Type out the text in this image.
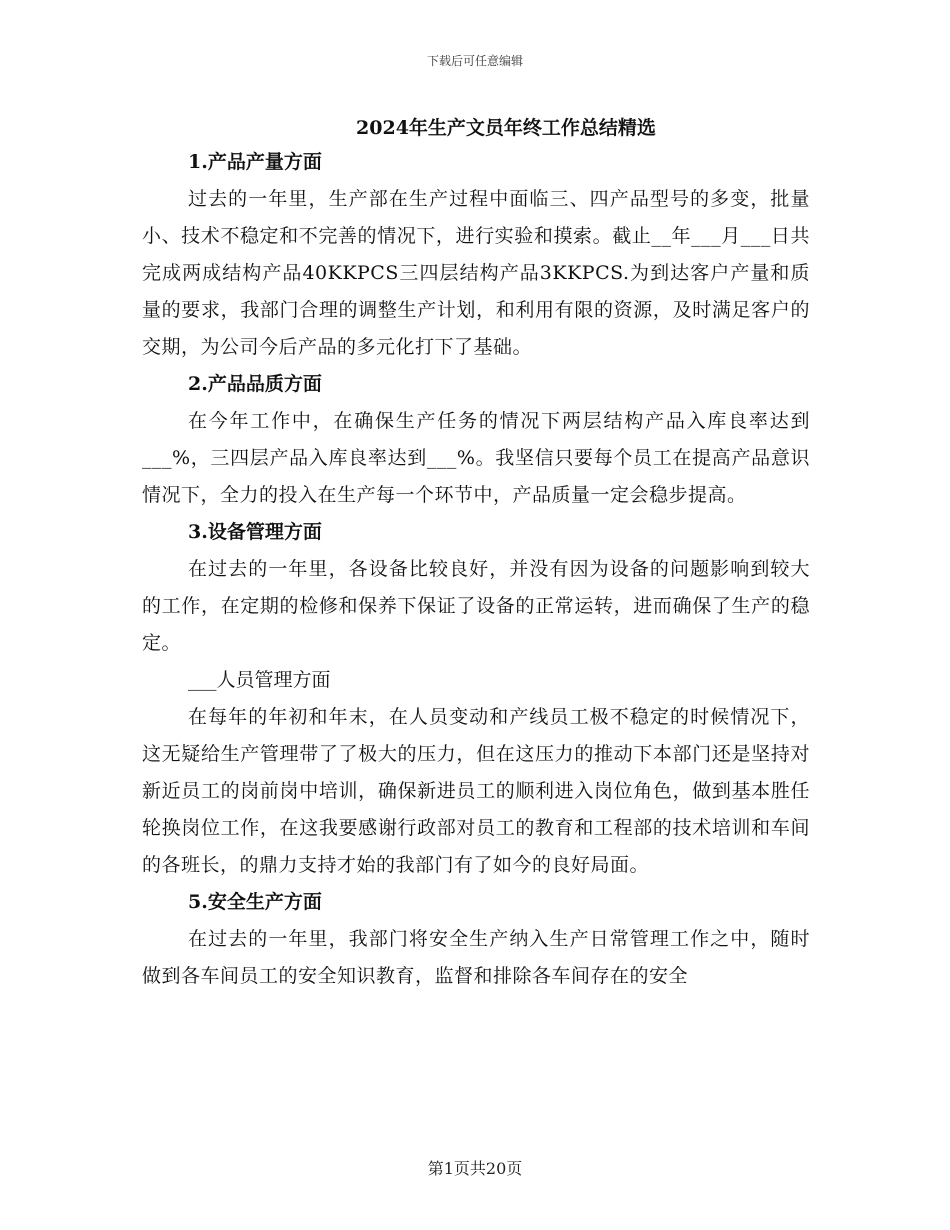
下载后可任意编辑
2024年生产文员年终工作总结精选
1.产品产量方面

过去的一年里，生产部在生产过程中面临三、四产品型号的多变，批量小、技术不稳定和不完善的情况下，进行实验和摸索。截止__年___月___日共完成两成结构产品40KKPCS三四层结构产品3KKPCS.为到达客户产量和质量的要求，我部门合理的调整生产计划，和利用有限的资源，及时满足客户的交期，为公司今后产品的多元化打下了基础。

2.产品品质方面

在今年工作中，在确保生产任务的情况下两层结构产品入库良率达到___%，三四层产品入库良率达到___%。我坚信只要每个员工在提高产品意识情况下，全力的投入在生产每一个环节中，产品质量一定会稳步提高。

3.设备管理方面

在过去的一年里，各设备比较良好，并没有因为设备的问题影响到较大的工作，在定期的检修和保养下保证了设备的正常运转，进而确保了生产的稳定。

___人员管理方面

在每年的年初和年末，在人员变动和产线员工极不稳定的时候情况下，这无疑给生产管理带了了极大的压力，但在这压力的推动下本部门还是坚持对新近员工的岗前岗中培训，确保新进员工的顺利进入岗位角色，做到基本胜任轮换岗位工作，在这我要感谢行政部对员工的教育和工程部的技术培训和车间的各班长，的鼎力支持才始的我部门有了如今的良好局面。

5.安全生产方面

在过去的一年里，我部门将安全生产纳入生产日常管理工作之中，随时做到各车间员工的安全知识教育，监督和排除各车间存在的安全

第1页共20页
